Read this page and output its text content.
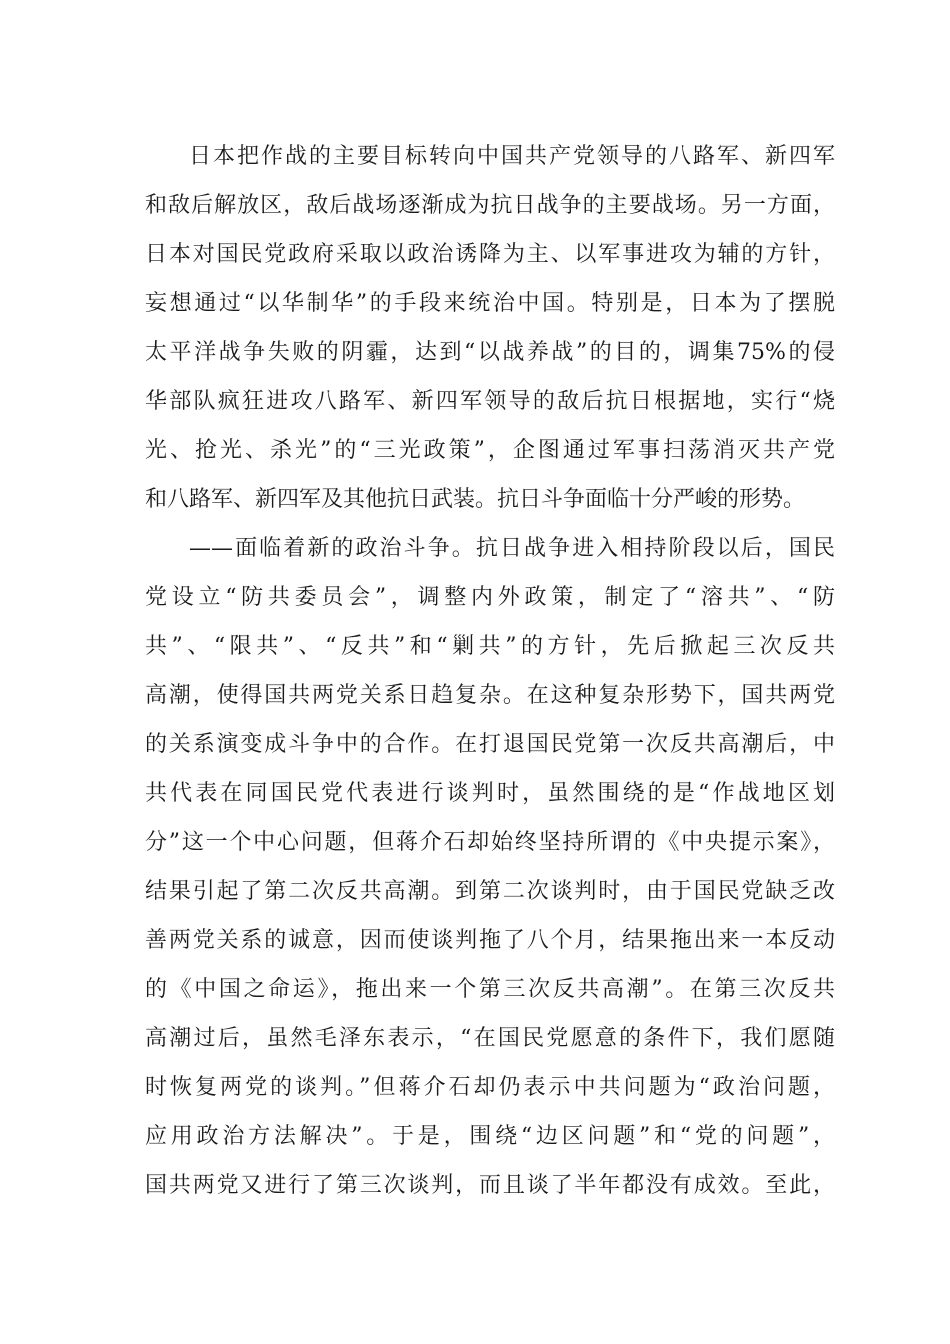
日本把作战的主要目标转向中国共产党领导的八路军、新四军
和敌后解放区，敌后战场逐渐成为抗日战争的主要战场。另一方面，
日本对国民党政府采取以政治诱降为主、以军事进攻为辅的方针，
妄想通过“以华制华”的手段来统治中国。特别是，日本为了摆脱
太平洋战争失败的阴霾，达到“以战养战”的目的，调集75%的侵
华部队疯狂进攻八路军、新四军领导的敌后抗日根据地，实行“烧
光、抢光、杀光”的“三光政策”，企图通过军事扫荡消灭共产党
和八路军、新四军及其他抗日武装。抗日斗争面临十分严峻的形势。
——面临着新的政治斗争。抗日战争进入相持阶段以后，国民
党设立“防共委员会”，调整内外政策，制定了“溶共”、“防
共”、“限共”、“反共”和“剿共”的方针，先后掀起三次反共
高潮，使得国共两党关系日趋复杂。在这种复杂形势下，国共两党
的关系演变成斗争中的合作。在打退国民党第一次反共高潮后，中
共代表在同国民党代表进行谈判时，虽然围绕的是“作战地区划
分”这一个中心问题，但蒋介石却始终坚持所谓的《中央提示案》，
结果引起了第二次反共高潮。到第二次谈判时，由于国民党缺乏改
善两党关系的诚意，因而使谈判拖了八个月，结果拖出来一本反动
的《中国之命运》，拖出来一个第三次反共高潮”。在第三次反共
高潮过后，虽然毛泽东表示，“在国民党愿意的条件下，我们愿随
时恢复两党的谈判。”但蒋介石却仍表示中共问题为“政治问题，
应用政治方法解决”。于是，围绕“边区问题”和“党的问题”，
国共两党又进行了第三次谈判，而且谈了半年都没有成效。至此，
